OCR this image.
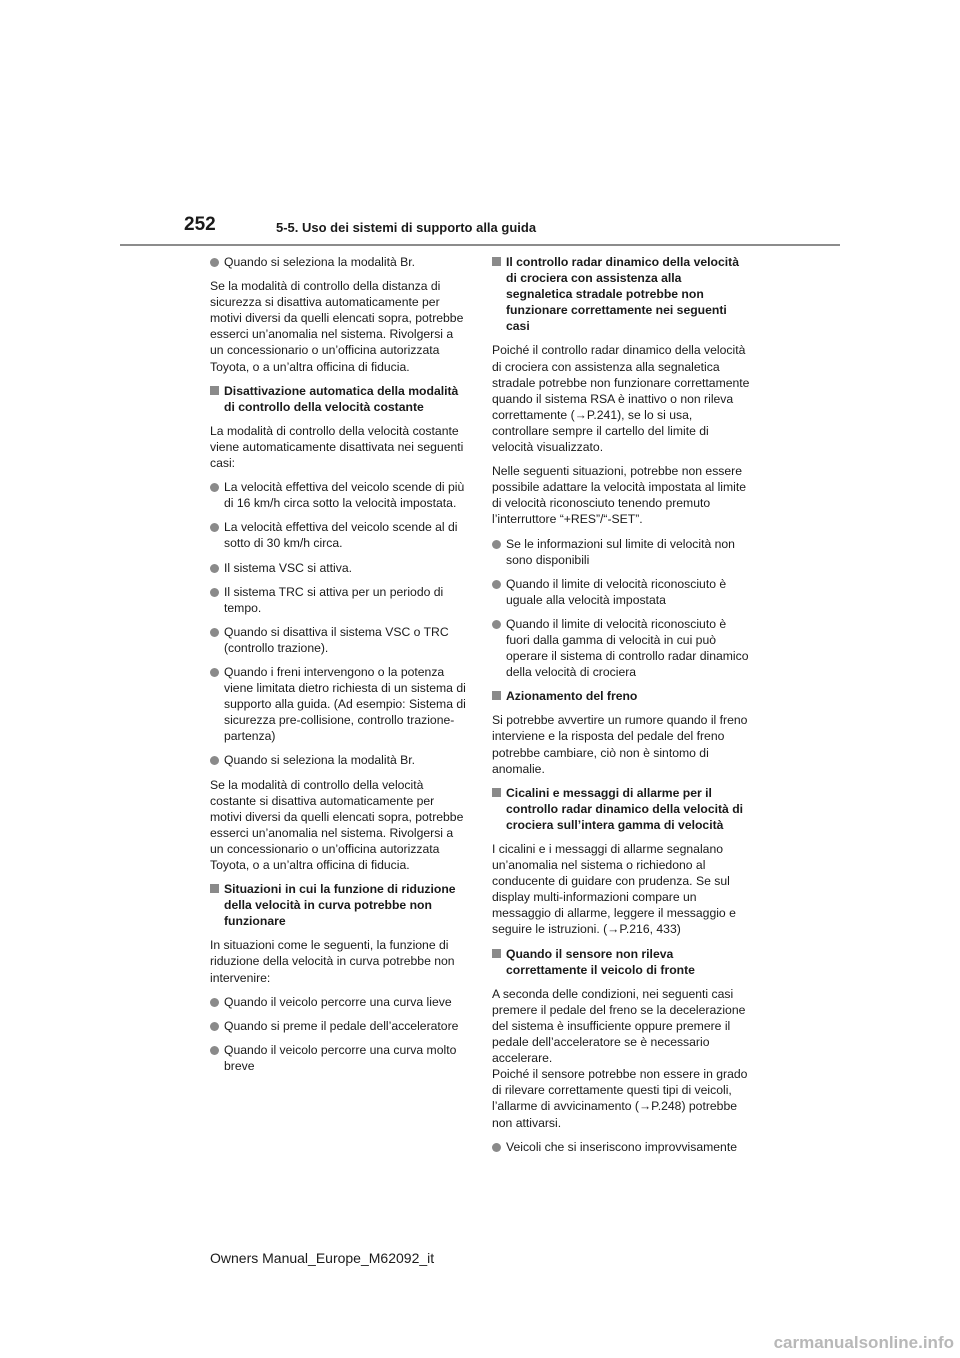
252	5-5. Uso dei sistemi di supporto alla guida
Quando si seleziona la modalità Br.
Se la modalità di controllo della distanza di sicurezza si disattiva automaticamente per motivi diversi da quelli elencati sopra, potrebbe esserci un’anomalia nel sistema. Rivolgersi a un concessionario o un’officina autorizzata Toyota, o a un’altra officina di fiducia.
Disattivazione automatica della modalità di controllo della velocità costante
La modalità di controllo della velocità costante viene automaticamente disattivata nei seguenti casi:
La velocità effettiva del veicolo scende di più di 16 km/h circa sotto la velocità impostata.
La velocità effettiva del veicolo scende al di sotto di 30 km/h circa.
Il sistema VSC si attiva.
Il sistema TRC si attiva per un periodo di tempo.
Quando si disattiva il sistema VSC o TRC (controllo trazione).
Quando i freni intervengono o la potenza viene limitata dietro richiesta di un sistema di supporto alla guida. (Ad esempio: Sistema di sicurezza pre-collisione, controllo trazione-partenza)
Quando si seleziona la modalità Br.
Se la modalità di controllo della velocità costante si disattiva automaticamente per motivi diversi da quelli elencati sopra, potrebbe esserci un’anomalia nel sistema. Rivolgersi a un concessionario o un’officina autorizzata Toyota, o a un’altra officina di fiducia.
Situazioni in cui la funzione di riduzione della velocità in curva potrebbe non funzionare
In situazioni come le seguenti, la funzione di riduzione della velocità in curva potrebbe non intervenire:
Quando il veicolo percorre una curva lieve
Quando si preme il pedale dell’acceleratore
Quando il veicolo percorre una curva molto breve
Il controllo radar dinamico della velocità di crociera con assistenza alla segnaletica stradale potrebbe non funzionare correttamente nei seguenti casi
Poiché il controllo radar dinamico della velocità di crociera con assistenza alla segnaletica stradale potrebbe non funzionare correttamente quando il sistema RSA è inattivo o non rileva correttamente (→P.241), se lo si usa, controllare sempre il cartello del limite di velocità visualizzato.
Nelle seguenti situazioni, potrebbe non essere possibile adattare la velocità impostata al limite di velocità riconosciuto tenendo premuto l’interruttore “+RES”/“-SET”.
Se le informazioni sul limite di velocità non sono disponibili
Quando il limite di velocità riconosciuto è uguale alla velocità impostata
Quando il limite di velocità riconosciuto è fuori dalla gamma di velocità in cui può operare il sistema di controllo radar dinamico della velocità di crociera
Azionamento del freno
Si potrebbe avvertire un rumore quando il freno interviene e la risposta del pedale del freno potrebbe cambiare, ciò non è sintomo di anomalie.
Cicalini e messaggi di allarme per il controllo radar dinamico della velocità di crociera sull’intera gamma di velocità
I cicalini e i messaggi di allarme segnalano un’anomalia nel sistema o richiedono al conducente di guidare con prudenza. Se sul display multi-informazioni compare un messaggio di allarme, leggere il messaggio e seguire le istruzioni. (→P.216, 433)
Quando il sensore non rileva correttamente il veicolo di fronte
A seconda delle condizioni, nei seguenti casi premere il pedale del freno se la decelerazione del sistema è insufficiente oppure premere il pedale dell’acceleratore se è necessario accelerare.
Poiché il sensore potrebbe non essere in grado di rilevare correttamente questi tipi di veicoli, l’allarme di avvicinamento (→P.248) potrebbe non attivarsi.
Veicoli che si inseriscono improvvisamente
Owners Manual_Europe_M62092_it
carmanualsonline.info
